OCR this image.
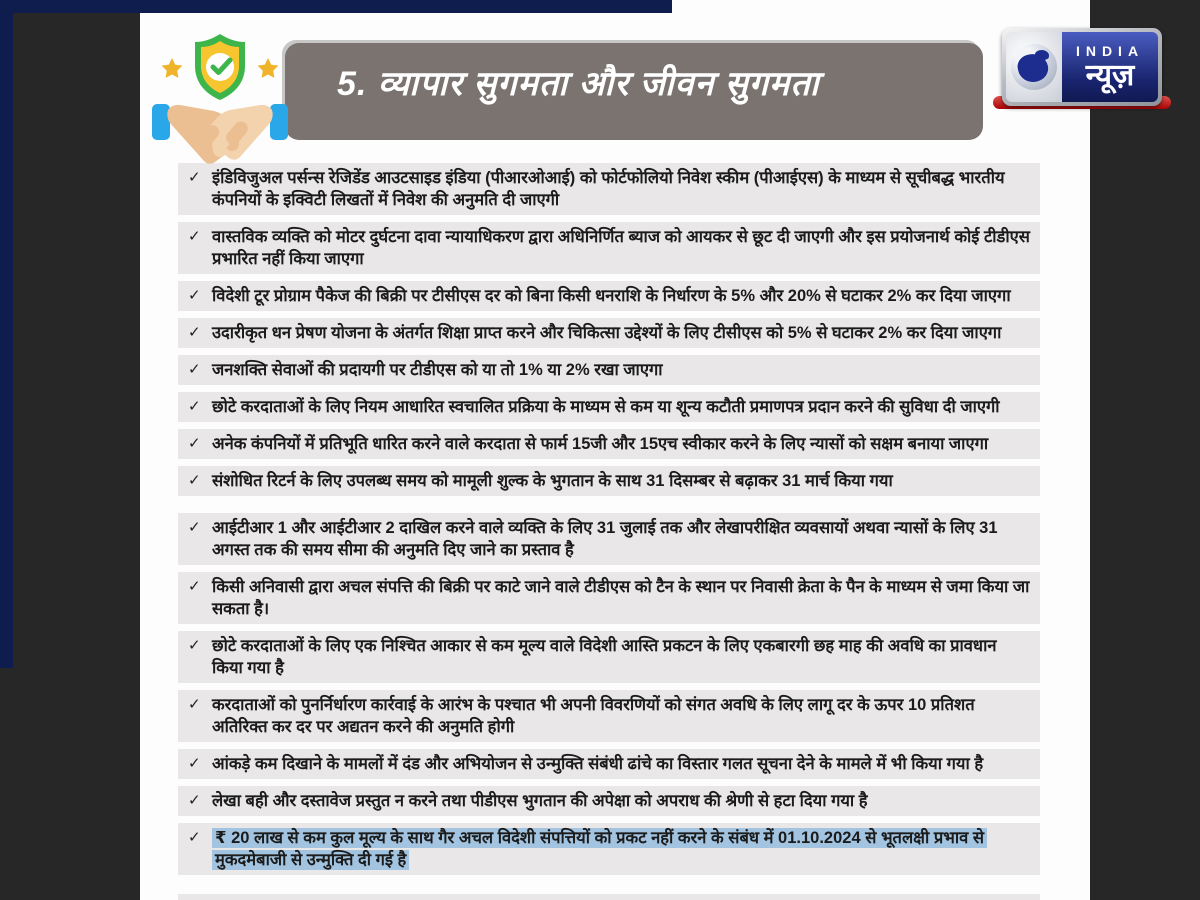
5. व्यापार सुगमता और जीवन सुगमता
INDIA
न्यूज़
✓ इंडिविजुअल पर्सन्स रेजिडेंड आउटसाइड इंडिया (पीआरओआई) को फोर्टफोलियो निवेश स्कीम (पीआईएस) के माध्यम से सूचीबद्ध भारतीय कंपनियों के इक्विटी लिखतों में निवेश की अनुमति दी जाएगी
✓ वास्तविक व्यक्ति को मोटर दुर्घटना दावा न्यायाधिकरण द्वारा अधिनिर्णित ब्याज को आयकर से छूट दी जाएगी और इस प्रयोजनार्थ कोई टीडीएस प्रभारित नहीं किया जाएगा
✓ विदेशी टूर प्रोग्राम पैकेज की बिक्री पर टीसीएस दर को बिना किसी धनराशि के निर्धारण के 5% और 20% से घटाकर 2% कर दिया जाएगा
✓ उदारीकृत धन प्रेषण योजना के अंतर्गत शिक्षा प्राप्त करने और चिकित्सा उद्देश्यों के लिए टीसीएस को 5% से घटाकर 2% कर दिया जाएगा
✓ जनशक्ति सेवाओं की प्रदायगी पर टीडीएस को या तो 1% या 2% रखा जाएगा
✓ छोटे करदाताओं के लिए नियम आधारित स्वचालित प्रक्रिया के माध्यम से कम या शून्य कटौती प्रमाणपत्र प्रदान करने की सुविधा दी जाएगी
✓ अनेक कंपनियों में प्रतिभूति धारित करने वाले करदाता से फार्म 15जी और 15एच स्वीकार करने के लिए न्यासों को सक्षम बनाया जाएगा
✓ संशोधित रिटर्न के लिए उपलब्ध समय को मामूली शुल्क के भुगतान के साथ 31 दिसम्बर से बढ़ाकर 31 मार्च किया गया
✓ आईटीआर 1 और आईटीआर 2 दाखिल करने वाले व्यक्ति के लिए 31 जुलाई तक और लेखापरीक्षित व्यवसायों अथवा न्यासों के लिए 31 अगस्त तक की समय सीमा की अनुमति दिए जाने का प्रस्ताव है
✓ किसी अनिवासी द्वारा अचल संपत्ति की बिक्री पर काटे जाने वाले टीडीएस को टैन के स्थान पर निवासी क्रेता के पैन के माध्यम से जमा किया जा सकता है।
✓ छोटे करदाताओं के लिए एक निश्चित आकार से कम मूल्य वाले विदेशी आस्ति प्रकटन के लिए एकबारगी छह माह की अवधि का प्रावधान किया गया है
✓ करदाताओं को पुनर्निर्धारण कार्रवाई के आरंभ के पश्चात भी अपनी विवरणियों को संगत अवधि के लिए लागू दर के ऊपर 10 प्रतिशत अतिरिक्त कर दर पर अद्यतन करने की अनुमति होगी
✓ आंकड़े कम दिखाने के मामलों में दंड और अभियोजन से उन्मुक्ति संबंधी ढांचे का विस्तार गलत सूचना देने के मामले में भी किया गया है
✓ लेखा बही और दस्तावेज प्रस्तुत न करने तथा पीडीएस भुगतान की अपेक्षा को अपराध की श्रेणी से हटा दिया गया है
✓ ₹ 20 लाख से कम कुल मूल्य के साथ गैर अचल विदेशी संपत्तियों को प्रकट नहीं करने के संबंध में 01.10.2024 से भूतलक्षी प्रभाव से मुकदमेबाजी से उन्मुक्ति दी गई है
